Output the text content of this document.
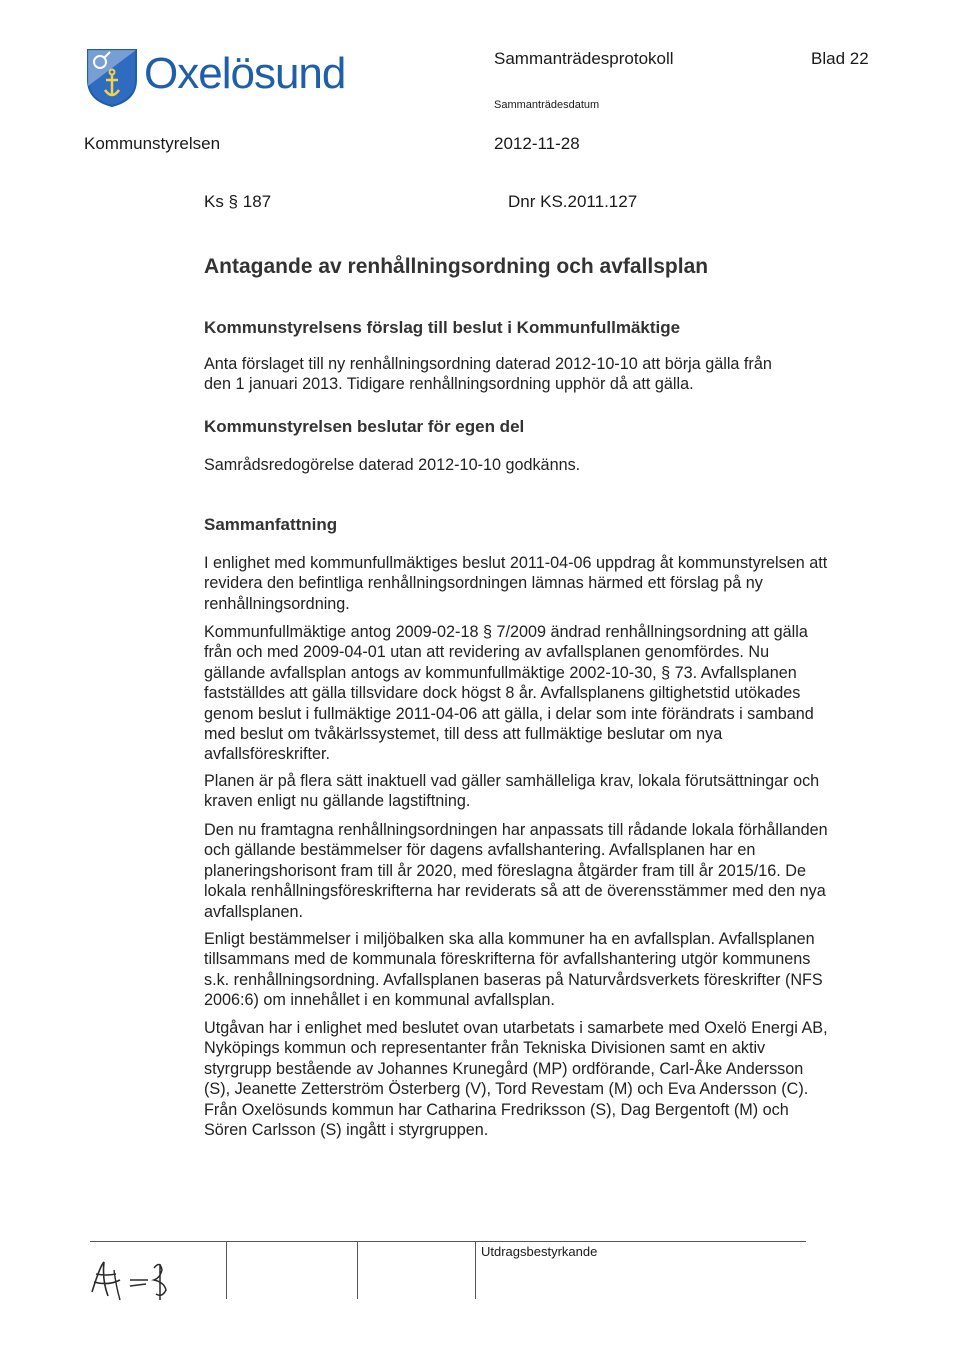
Oxelösund	Sammanträdesprotokoll	Blad 22
Sammanträdesdatum
Kommunstyrelsen	2012-11-28
Ks § 187	Dnr KS.2011.127
Antagande av renhållningsordning och avfallsplan
Kommunstyrelsens förslag till beslut i Kommunfullmäktige
Anta förslaget till ny renhållningsordning daterad 2012-10-10 att börja gälla från
den 1 januari 2013. Tidigare renhållningsordning upphör då att gälla.
Kommunstyrelsen beslutar för egen del
Samrådsredogörelse daterad 2012-10-10 godkänns.
Sammanfattning
I enlighet med kommunfullmäktiges beslut 2011-04-06 uppdrag åt kommunstyrelsen att
revidera den befintliga renhållningsordningen lämnas härmed ett förslag på ny
renhållningsordning.
Kommunfullmäktige antog 2009-02-18 § 7/2009 ändrad renhållningsordning att gälla
från och med 2009-04-01 utan att revidering av avfallsplanen genomfördes. Nu
gällande avfallsplan antogs av kommunfullmäktige 2002-10-30, § 73. Avfallsplanen
fastställdes att gälla tillsvidare dock högst 8 år. Avfallsplanens giltighetstid utökades
genom beslut i fullmäktige 2011-04-06 att gälla, i delar som inte förändrats i samband
med beslut om tvåkärlssystemet, till dess att fullmäktige beslutar om nya
avfallsföreskrifter.
Planen är på flera sätt inaktuell vad gäller samhälleliga krav, lokala förutsättningar och
kraven enligt nu gällande lagstiftning.
Den nu framtagna renhållningsordningen har anpassats till rådande lokala förhållanden
och gällande bestämmelser för dagens avfallshantering. Avfallsplanen har en
planeringshorisont fram till år 2020, med föreslagna åtgärder fram till år 2015/16. De
lokala renhållningsföreskrifterna har reviderats så att de överensstämmer med den nya
avfallsplanen.
Enligt bestämmelser i miljöbalken ska alla kommuner ha en avfallsplan. Avfallsplanen
tillsammans med de kommunala föreskrifterna för avfallshantering utgör kommunens
s.k. renhållningsordning. Avfallsplanen baseras på Naturvårdsverkets föreskrifter (NFS
2006:6) om innehållet i en kommunal avfallsplan.
Utgåvan har i enlighet med beslutet ovan utarbetats i samarbete med Oxelö Energi AB,
Nyköpings kommun och representanter från Tekniska Divisionen samt en aktiv
styrgrupp bestående av Johannes Krunegård (MP) ordförande, Carl-Åke Andersson
(S), Jeanette Zetterström Österberg (V), Tord Revestam (M) och Eva Andersson (C).
Från Oxelösunds kommun har Catharina Fredriksson (S), Dag Bergentoft (M) och
Sören Carlsson (S) ingått i styrgruppen.
Utdragsbestyrkande
